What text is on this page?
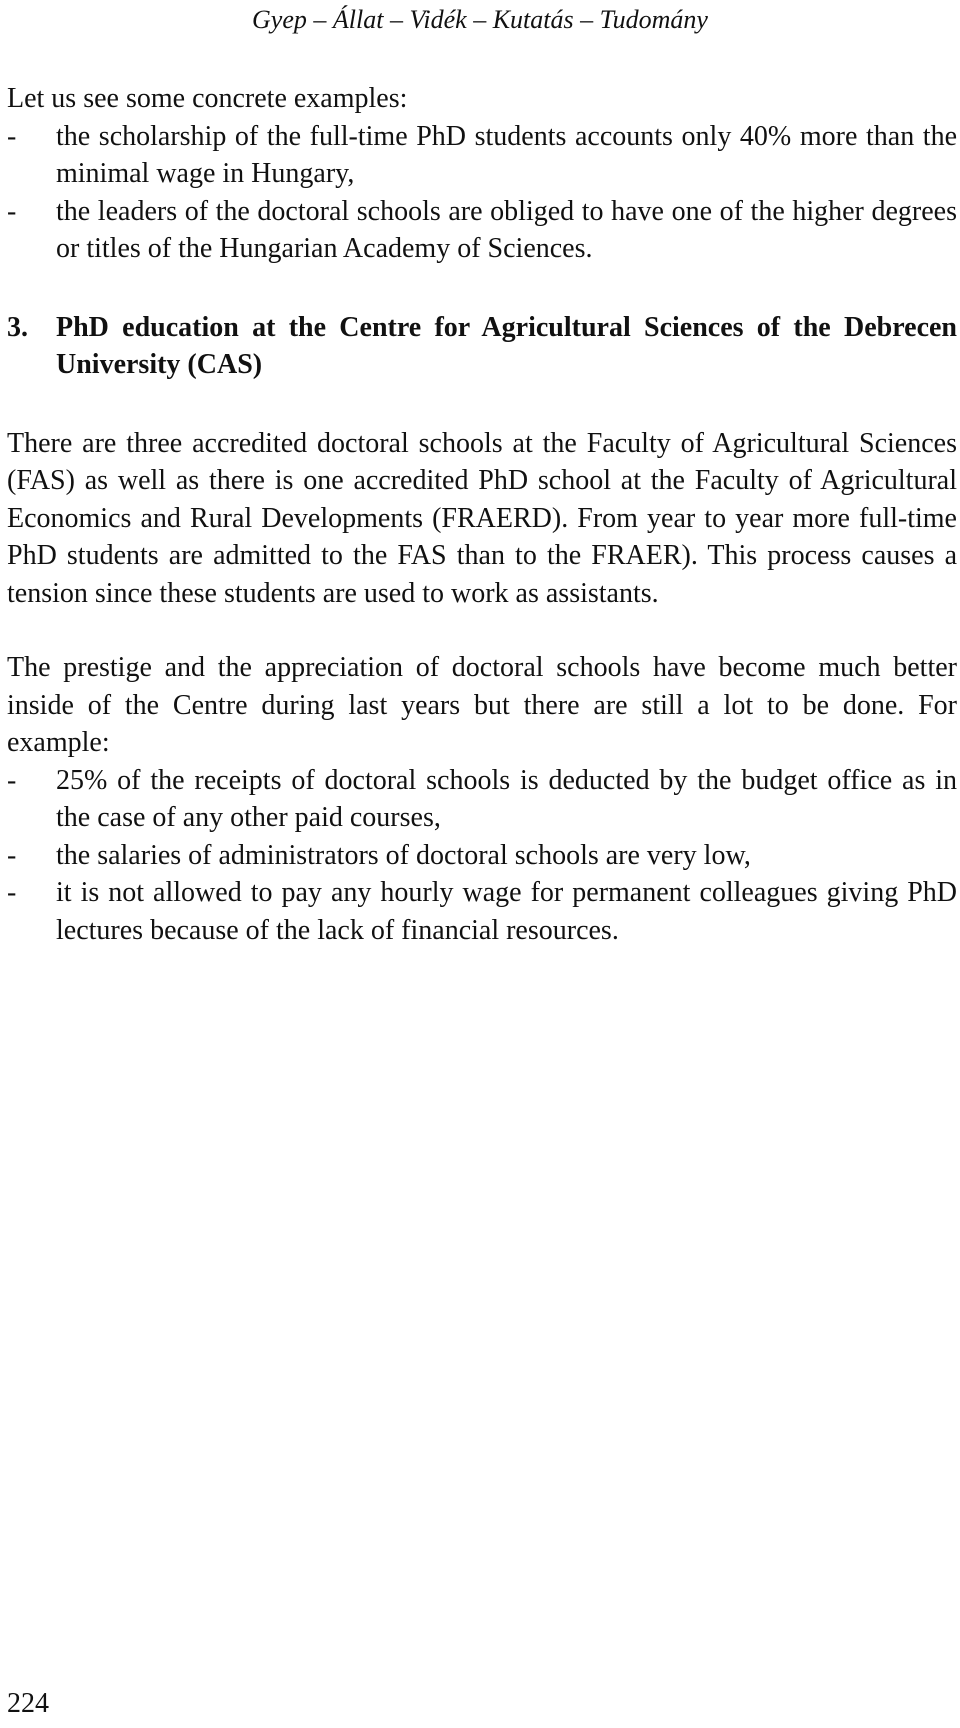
Gyep – Állat – Vidék – Kutatás – Tudomány

Let us see some concrete examples:

- the scholarship of the full-time PhD students accounts only 40% more than the minimal wage in Hungary,
- the leaders of the doctoral schools are obliged to have one of the higher degrees or titles of the Hungarian Academy of Sciences.
3. PhD education at the Centre for Agricultural Sciences of the Debrecen University (CAS)

There are three accredited doctoral schools at the Faculty of Agricultural Sciences (FAS) as well as there is one accredited PhD school at the Faculty of Agricultural Economics and Rural Developments (FRAERD). From year to year more full-time PhD students are admitted to the FAS than to the FRAER). This process causes a tension since these students are used to work as assistants.

The prestige and the appreciation of doctoral schools have become much better inside of the Centre during last years but there are still a lot to be done. For example:

- 25% of the receipts of doctoral schools is deducted by the budget office as in the case of any other paid courses,
- the salaries of administrators of doctoral schools are very low,
- it is not allowed to pay any hourly wage for permanent colleagues giving PhD lectures because of the lack of financial resources.
224
